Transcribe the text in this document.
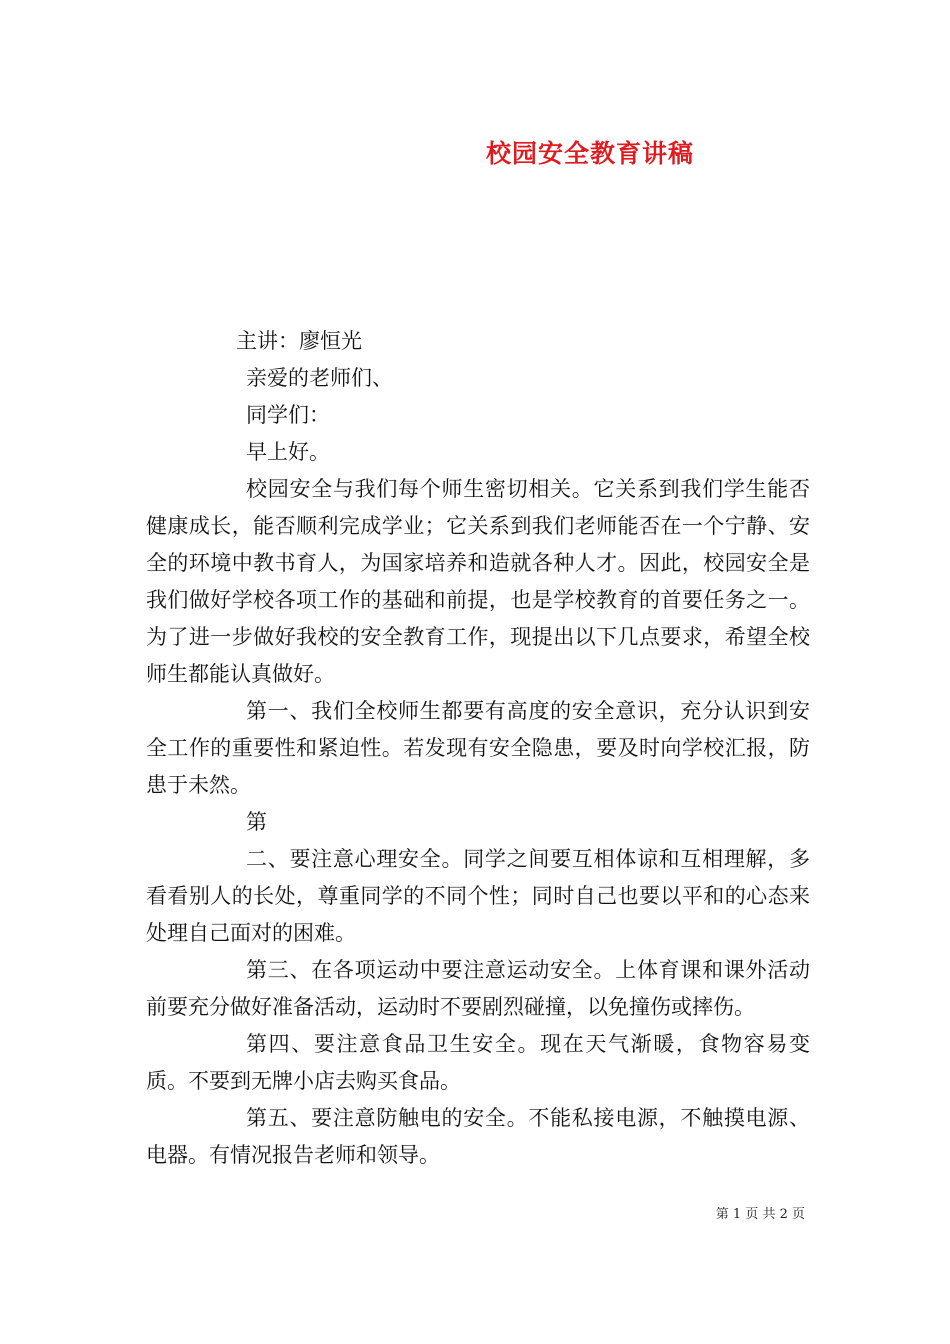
校园安全教育讲稿
主讲：廖恒光
亲爱的老师们、
同学们：
早上好。
校园安全与我们每个师生密切相关。它关系到我们学生能否健康成长，能否顺利完成学业；它关系到我们老师能否在一个宁静、安全的环境中教书育人，为国家培养和造就各种人才。因此，校园安全是我们做好学校各项工作的基础和前提，也是学校教育的首要任务之一。为了进一步做好我校的安全教育工作，现提出以下几点要求，希望全校师生都能认真做好。
第一、我们全校师生都要有高度的安全意识，充分认识到安全工作的重要性和紧迫性。若发现有安全隐患，要及时向学校汇报，防患于未然。
第
二、要注意心理安全。同学之间要互相体谅和互相理解，多看看别人的长处，尊重同学的不同个性；同时自己也要以平和的心态来处理自己面对的困难。
第三、在各项运动中要注意运动安全。上体育课和课外活动前要充分做好准备活动，运动时不要剧烈碰撞，以免撞伤或摔伤。
第四、要注意食品卫生安全。现在天气渐暖，食物容易变质。不要到无牌小店去购买食品。
第五、要注意防触电的安全。不能私接电源，不触摸电源、电器。有情况报告老师和领导。
第 1 页 共 2 页
